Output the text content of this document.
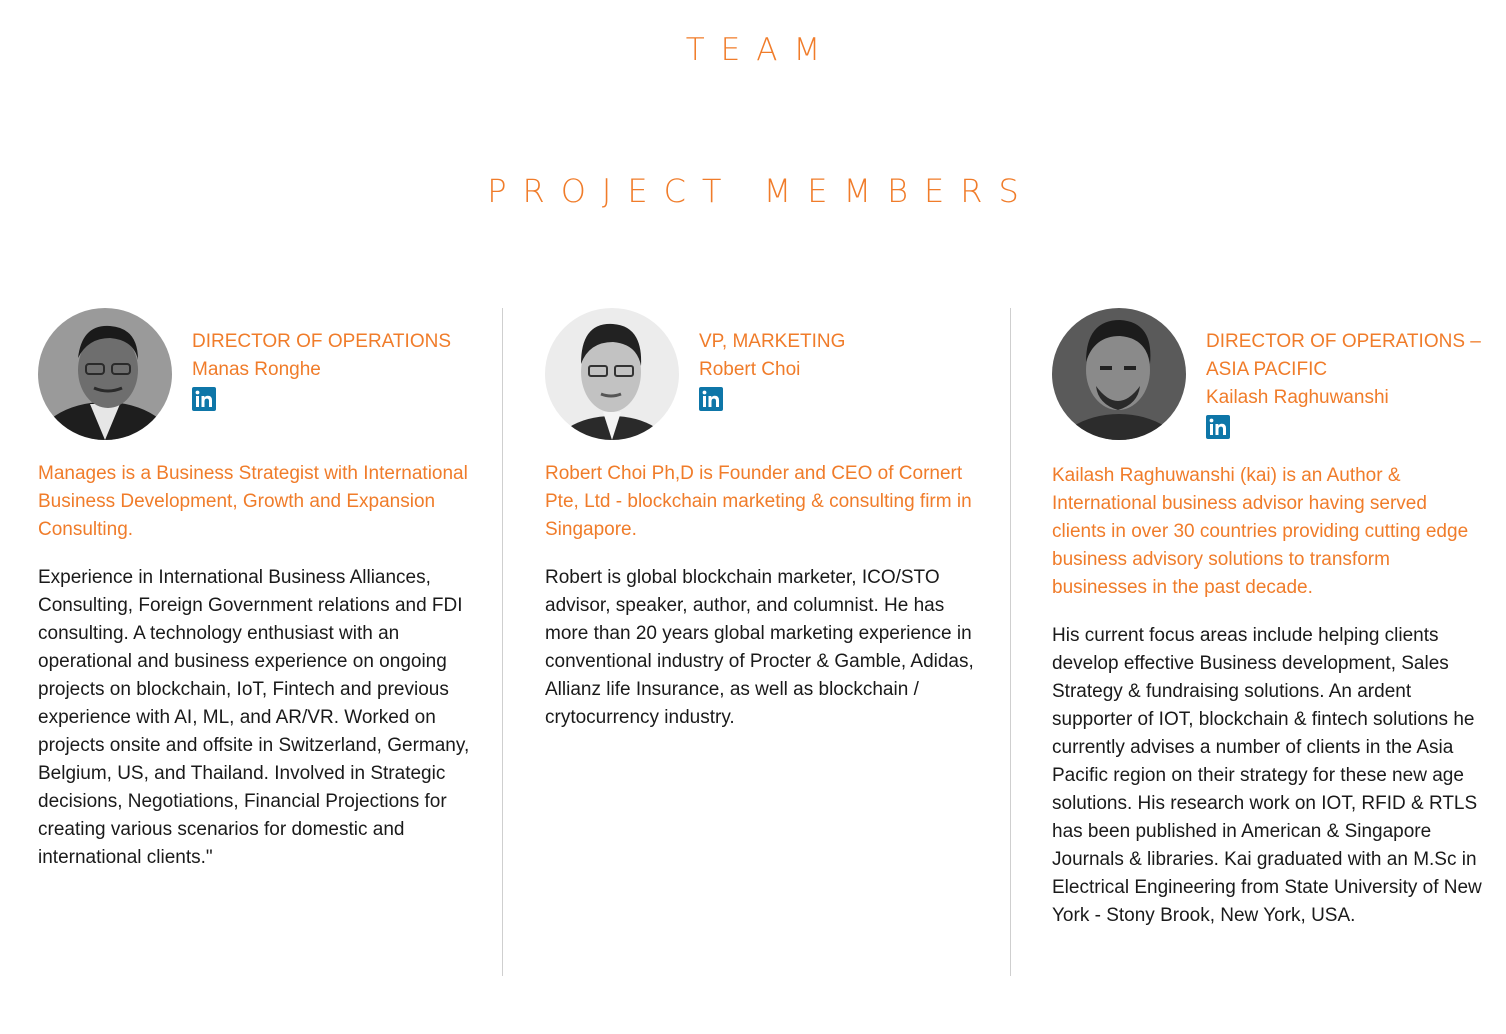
TEAM
PROJECT MEMBERS
DIRECTOR OF OPERATIONS
Manas Ronghe

Manages is a Business Strategist with International Business Development, Growth and Expansion Consulting.

Experience in International Business Alliances, Consulting, Foreign Government relations and FDI consulting. A technology enthusiast with an operational and business experience on ongoing projects on blockchain, IoT, Fintech and previous experience with AI, ML, and AR/VR. Worked on projects onsite and offsite in Switzerland, Germany, Belgium, US, and Thailand. Involved in Strategic decisions, Negotiations, Financial Projections for creating various scenarios for domestic and international clients."

VP, MARKETING
Robert Choi

Robert Choi Ph,D is Founder and CEO of Cornert Pte, Ltd - blockchain marketing & consulting firm in Singapore.

Robert is global blockchain marketer, ICO/STO advisor, speaker, author, and columnist. He has more than 20 years global marketing experience in conventional industry of Procter & Gamble, Adidas, Allianz life Insurance, as well as blockchain / crytocurrency industry.

DIRECTOR OF OPERATIONS – ASIA PACIFIC
Kailash Raghuwanshi

Kailash Raghuwanshi (kai) is an Author & International business advisor having served clients in over 30 countries providing cutting edge business advisory solutions to transform businesses in the past decade.

His current focus areas include helping clients develop effective Business development, Sales Strategy & fundraising solutions. An ardent supporter of IOT, blockchain & fintech solutions he currently advises a number of clients in the Asia Pacific region on their strategy for these new age solutions. His research work on IOT, RFID & RTLS has been published in American & Singapore Journals & libraries. Kai graduated with an M.Sc in Electrical Engineering from State University of New York - Stony Brook, New York, USA.
